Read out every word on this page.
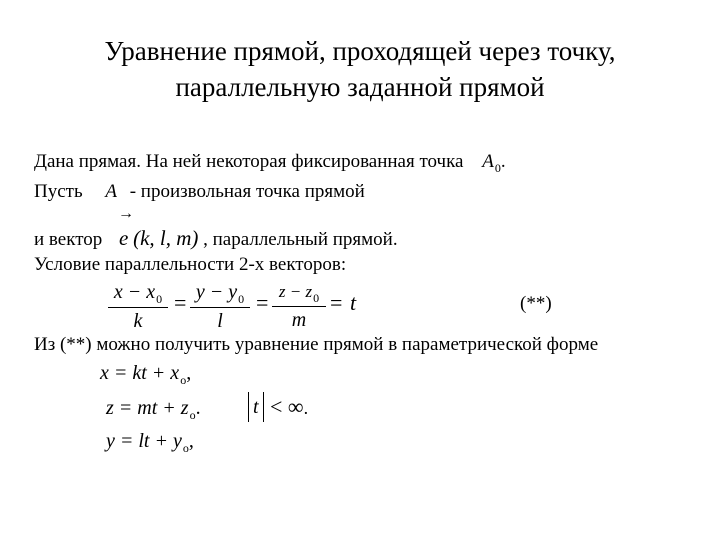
Уравнение прямой, проходящей через точку,
параллельную заданной прямой
Дана прямая. На ней некоторая фиксированная точка $A_0$.
Пусть A - произвольная точка прямой
→
и вектор e (k, l, m) , параллельный прямой.
Условие параллельности 2-х векторов:
$\frac{x - x_0}{k} = \frac{y - y_0}{l} = z - z_0$
m
= t	(**)
Из (**) можно получить уравнение прямой в параметрической форме
x = kt + $x_o$,
z = mt + $z_o$.
y = lt + $y_o$,
t < ∞.
